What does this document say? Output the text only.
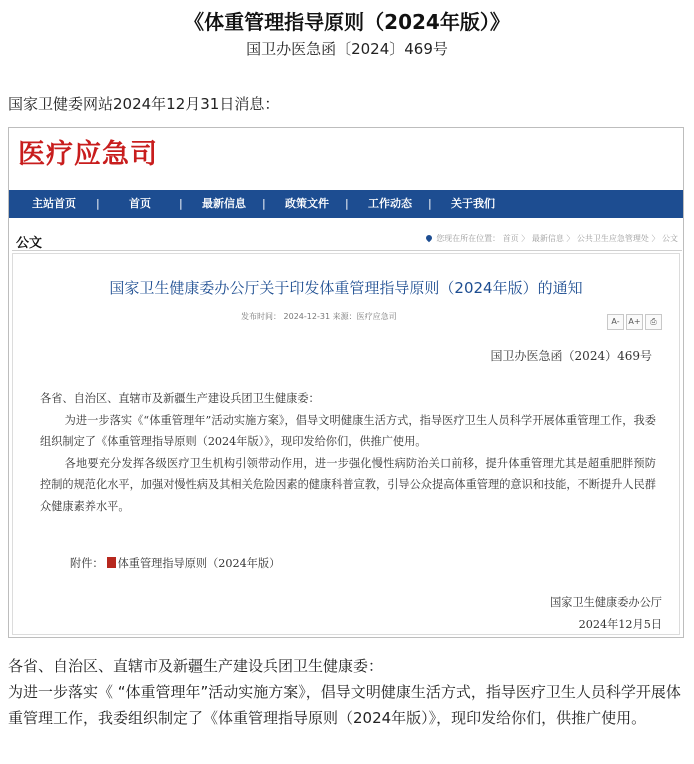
《体重管理指导原则（2024年版）》
国卫办医急函〔2024〕469号
国家卫健委网站2024年12月31日消息：
医疗应急司
主站首页 |	首页	| 最新信息 | 政策文件 | 工作动态 | 关于我们
公文	您现在所在位置： 首页 〉 最新信息 〉 公共卫生应急管理处 〉 公文
国家卫生健康委办公厅关于印发体重管理指导原则（2024年版）的通知
发布时间： 2024-12-31 来源：医疗应急司
A- A+ ⎙
国卫办医急函（2024）469号

各省、自治区、直辖市及新疆生产建设兵团卫生健康委：

为进一步落实《“体重管理年”活动实施方案》，倡导文明健康生活方式，指导医疗卫生人员科学开展体重管理工作，我委组织制定了《体重管理指导原则（2024年版）》，现印发给你们，供推广使用。

各地要充分发挥各级医疗卫生机构引领带动作用，进一步强化慢性病防治关口前移，提升体重管理尤其是超重肥胖预防控制的规范化水平，加强对慢性病及其相关危险因素的健康科普宣教，引导公众提高体重管理的意识和技能，不断提升人民群众健康素养水平。

附件： 体重管理指导原则（2024年版）
国家卫生健康委办公厅
2024年12月5日

各省、自治区、直辖市及新疆生产建设兵团卫生健康委：

为进一步落实《 “体重管理年”活动实施方案》，倡导文明健康生活方式，指导医疗卫生人员科学开展体重管理工作，我委组织制定了《体重管理指导原则（2024年版）》，现印发给你们，供推广使用。
